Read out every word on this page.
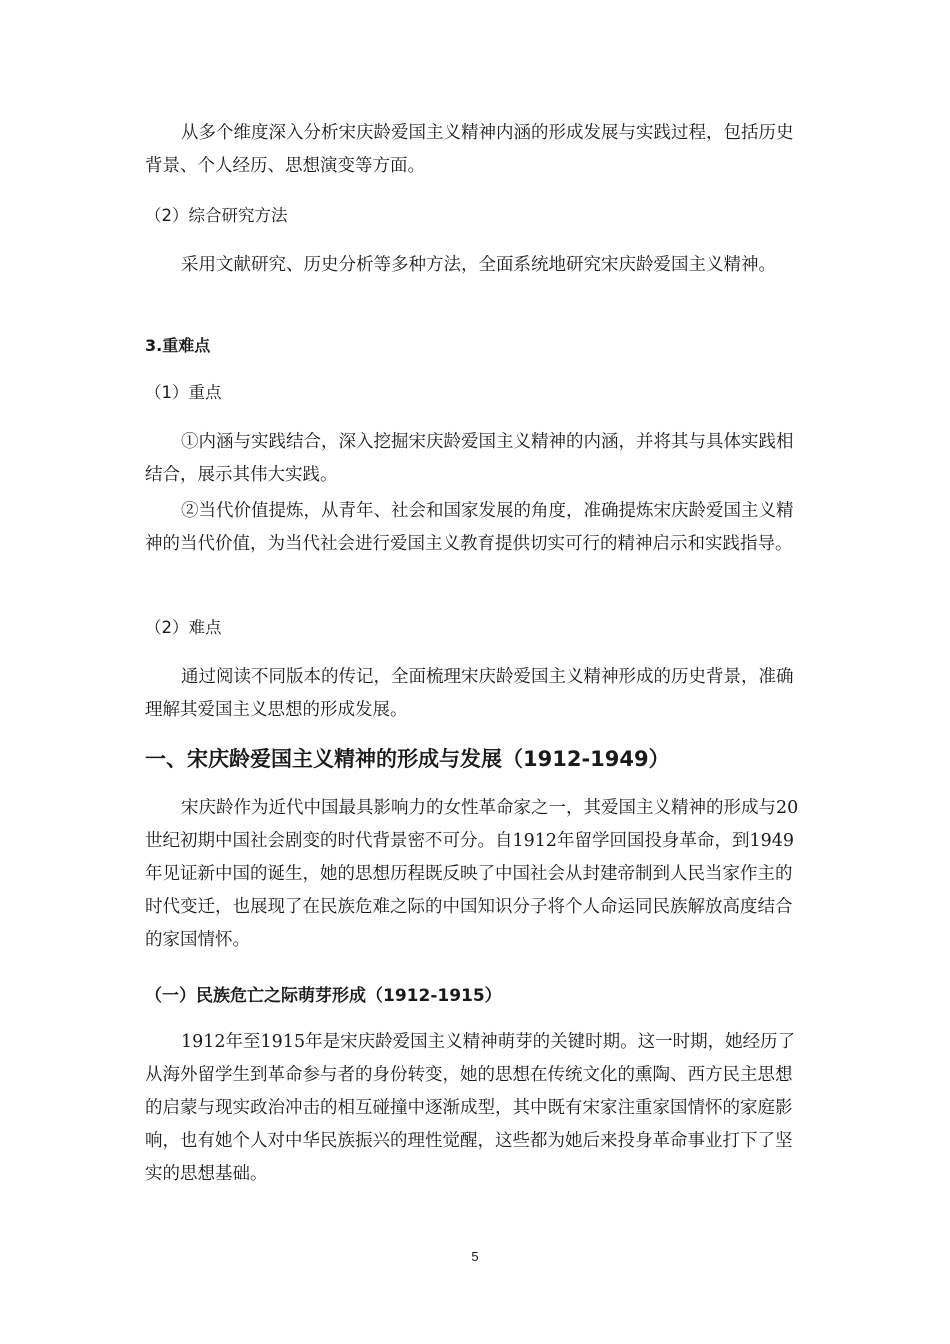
从多个维度深入分析宋庆龄爱国主义精神内涵的形成发展与实践过程，包括历史背景、个人经历、思想演变等方面。

（2）综合研究方法

采用文献研究、历史分析等多种方法，全面系统地研究宋庆龄爱国主义精神。

3.重难点

（1）重点

①内涵与实践结合，深入挖掘宋庆龄爱国主义精神的内涵，并将其与具体实践相结合，展示其伟大实践。

②当代价值提炼，从青年、社会和国家发展的角度，准确提炼宋庆龄爱国主义精神的当代价值，为当代社会进行爱国主义教育提供切实可行的精神启示和实践指导。

（2）难点

通过阅读不同版本的传记，全面梳理宋庆龄爱国主义精神形成的历史背景，准确理解其爱国主义思想的形成发展。

一、宋庆龄爱国主义精神的形成与发展（1912-1949）

宋庆龄作为近代中国最具影响力的女性革命家之一，其爱国主义精神的形成与20世纪初期中国社会剧变的时代背景密不可分。自1912年留学回国投身革命，到1949年见证新中国的诞生，她的思想历程既反映了中国社会从封建帝制到人民当家作主的时代变迁，也展现了在民族危难之际的中国知识分子将个人命运同民族解放高度结合的家国情怀。

（一）民族危亡之际萌芽形成（1912-1915）

1912年至1915年是宋庆龄爱国主义精神萌芽的关键时期。这一时期，她经历了从海外留学生到革命参与者的身份转变，她的思想在传统文化的熏陶、西方民主思想的启蒙与现实政治冲击的相互碰撞中逐渐成型，其中既有宋家注重家国情怀的家庭影响，也有她个人对中华民族振兴的理性觉醒，这些都为她后来投身革命事业打下了坚实的思想基础。

5
